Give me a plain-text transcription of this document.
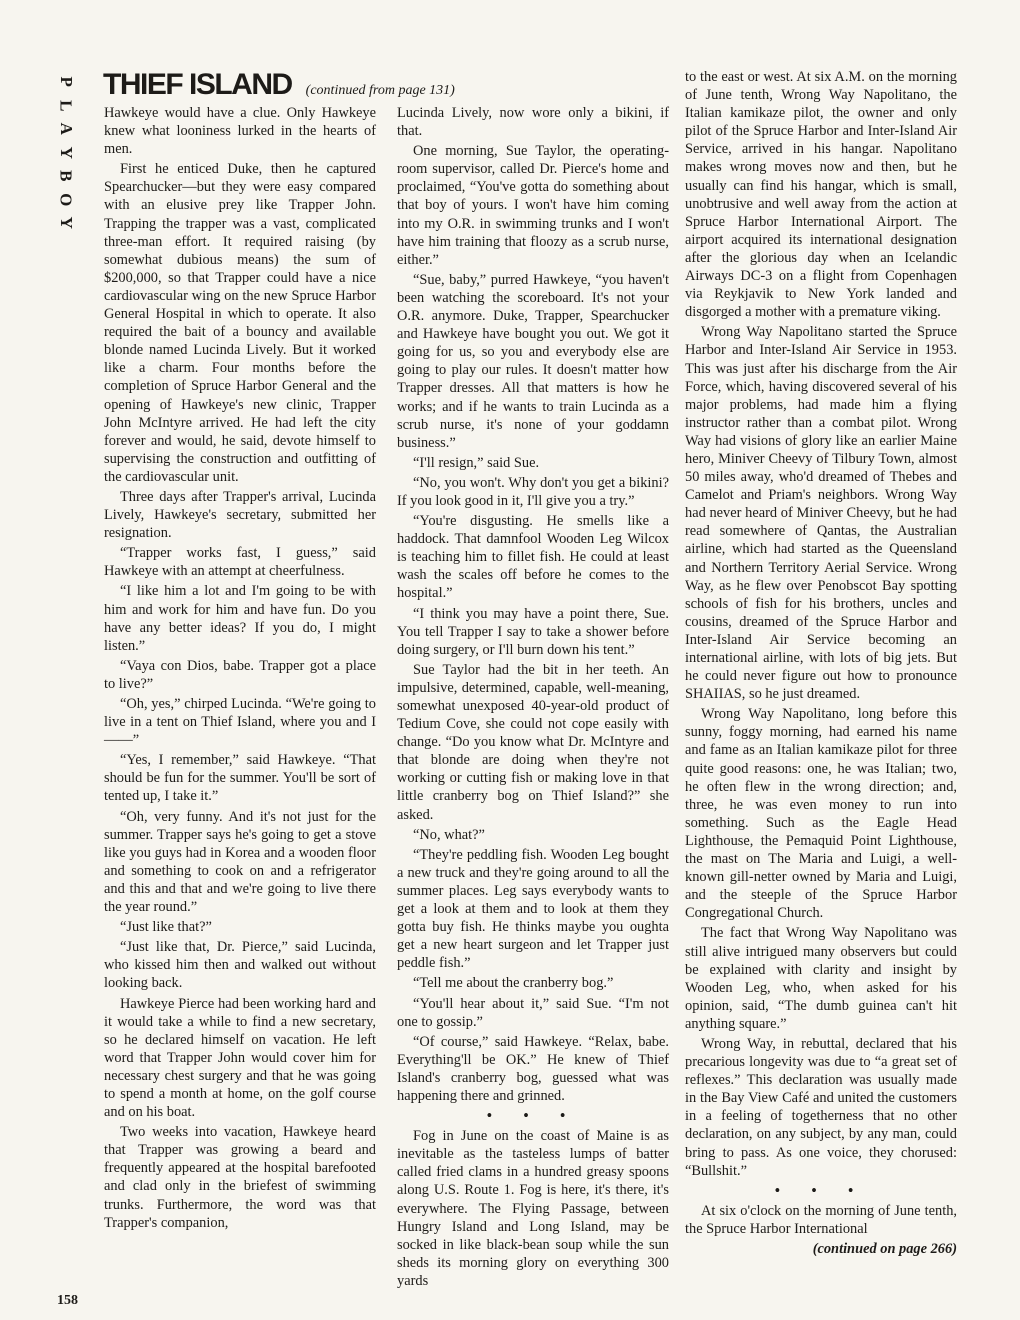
P
L
A
Y
B
O
Y
THIEF ISLAND (continued from page 131)

Hawkeye would have a clue. Only Hawkeye knew what looniness lurked in the hearts of men.

First he enticed Duke, then he captured Spearchucker—but they were easy compared with an elusive prey like Trapper John. Trapping the trapper was a vast, complicated three-man effort. It required raising (by somewhat dubious means) the sum of $200,000, so that Trapper could have a nice cardiovascular wing on the new Spruce Harbor General Hospital in which to operate. It also required the bait of a bouncy and available blonde named Lucinda Lively. But it worked like a charm. Four months before the completion of Spruce Harbor General and the opening of Hawkeye's new clinic, Trapper John McIntyre arrived. He had left the city forever and would, he said, devote himself to supervising the construction and outfitting of the cardiovascular unit.

Three days after Trapper's arrival, Lucinda Lively, Hawkeye's secretary, submitted her resignation.

“Trapper works fast, I guess,” said Hawkeye with an attempt at cheerfulness.

“I like him a lot and I'm going to be with him and work for him and have fun. Do you have any better ideas? If you do, I might listen.”

“Vaya con Dios, babe. Trapper got a place to live?”

“Oh, yes,” chirped Lucinda. “We're going to live in a tent on Thief Island, where you and I——”

“Yes, I remember,” said Hawkeye. “That should be fun for the summer. You'll be sort of tented up, I take it.”

“Oh, very funny. And it's not just for the summer. Trapper says he's going to get a stove like you guys had in Korea and a wooden floor and something to cook on and a refrigerator and this and that and we're going to live there the year round.”

“Just like that?”

“Just like that, Dr. Pierce,” said Lucinda, who kissed him then and walked out without looking back.

Hawkeye Pierce had been working hard and it would take a while to find a new secretary, so he declared himself on vacation. He left word that Trapper John would cover him for necessary chest surgery and that he was going to spend a month at home, on the golf course and on his boat.

Two weeks into vacation, Hawkeye heard that Trapper was growing a beard and frequently appeared at the hospital barefooted and clad only in the briefest of swimming trunks. Furthermore, the word was that Trapper's companion,

Lucinda Lively, now wore only a bikini, if that.

One morning, Sue Taylor, the operating-room supervisor, called Dr. Pierce's home and proclaimed, “You've gotta do something about that boy of yours. I won't have him coming into my O.R. in swimming trunks and I won't have him training that floozy as a scrub nurse, either.”

“Sue, baby,” purred Hawkeye, “you haven't been watching the scoreboard. It's not your O.R. anymore. Duke, Trapper, Spearchucker and Hawkeye have bought you out. We got it going for us, so you and everybody else are going to play our rules. It doesn't matter how Trapper dresses. All that matters is how he works; and if he wants to train Lucinda as a scrub nurse, it's none of your goddamn business.”

“I'll resign,” said Sue.

“No, you won't. Why don't you get a bikini? If you look good in it, I'll give you a try.”

“You're disgusting. He smells like a haddock. That damnfool Wooden Leg Wilcox is teaching him to fillet fish. He could at least wash the scales off before he comes to the hospital.”

“I think you may have a point there, Sue. You tell Trapper I say to take a shower before doing surgery, or I'll burn down his tent.”

Sue Taylor had the bit in her teeth. An impulsive, determined, capable, well-meaning, somewhat unexposed 40-year-old product of Tedium Cove, she could not cope easily with change. “Do you know what Dr. McIntyre and that blonde are doing when they're not working or cutting fish or making love in that little cranberry bog on Thief Island?” she asked.

“No, what?”

“They're peddling fish. Wooden Leg bought a new truck and they're going around to all the summer places. Leg says everybody wants to get a look at them and to look at them they gotta buy fish. He thinks maybe you oughta get a new heart surgeon and let Trapper just peddle fish.”

“Tell me about the cranberry bog.”

“You'll hear about it,” said Sue. “I'm not one to gossip.”

“Of course,” said Hawkeye. “Relax, babe. Everything'll be OK.” He knew of Thief Island's cranberry bog, guessed what was happening there and grinned.

• • •

Fog in June on the coast of Maine is as inevitable as the tasteless lumps of batter called fried clams in a hundred greasy spoons along U.S. Route 1. Fog is here, it's there, it's everywhere. The Flying Passage, between Hungry Island and Long Island, may be socked in like black-bean soup while the sun sheds its morning glory on everything 300 yards

to the east or west. At six A.M. on the morning of June tenth, Wrong Way Napolitano, the Italian kamikaze pilot, the owner and only pilot of the Spruce Harbor and Inter-Island Air Service, arrived in his hangar. Napolitano makes wrong moves now and then, but he usually can find his hangar, which is small, unobtrusive and well away from the action at Spruce Harbor International Airport. The airport acquired its international designation after the glorious day when an Icelandic Airways DC-3 on a flight from Copenhagen via Reykjavik to New York landed and disgorged a mother with a premature viking.

Wrong Way Napolitano started the Spruce Harbor and Inter-Island Air Service in 1953. This was just after his discharge from the Air Force, which, having discovered several of his major problems, had made him a flying instructor rather than a combat pilot. Wrong Way had visions of glory like an earlier Maine hero, Miniver Cheevy of Tilbury Town, almost 50 miles away, who'd dreamed of Thebes and Camelot and Priam's neighbors. Wrong Way had never heard of Miniver Cheevy, but he had read somewhere of Qantas, the Australian airline, which had started as the Queensland and Northern Territory Aerial Service. Wrong Way, as he flew over Penobscot Bay spotting schools of fish for his brothers, uncles and cousins, dreamed of the Spruce Harbor and Inter-Island Air Service becoming an international airline, with lots of big jets. But he could never figure out how to pronounce SHAIIAS, so he just dreamed.

Wrong Way Napolitano, long before this sunny, foggy morning, had earned his name and fame as an Italian kamikaze pilot for three quite good reasons: one, he was Italian; two, he often flew in the wrong direction; and, three, he was even money to run into something. Such as the Eagle Head Lighthouse, the Pemaquid Point Lighthouse, the mast on The Maria and Luigi, a well-known gill-netter owned by Maria and Luigi, and the steeple of the Spruce Harbor Congregational Church.

The fact that Wrong Way Napolitano was still alive intrigued many observers but could be explained with clarity and insight by Wooden Leg, who, when asked for his opinion, said, “The dumb guinea can't hit anything square.”

Wrong Way, in rebuttal, declared that his precarious longevity was due to “a great set of reflexes.” This declaration was usually made in the Bay View Café and united the customers in a feeling of togetherness that no other declaration, on any subject, by any man, could bring to pass. As one voice, they chorused: “Bullshit.”

• • •

At six o'clock on the morning of June tenth, the Spruce Harbor International

(continued on page 266)

158
